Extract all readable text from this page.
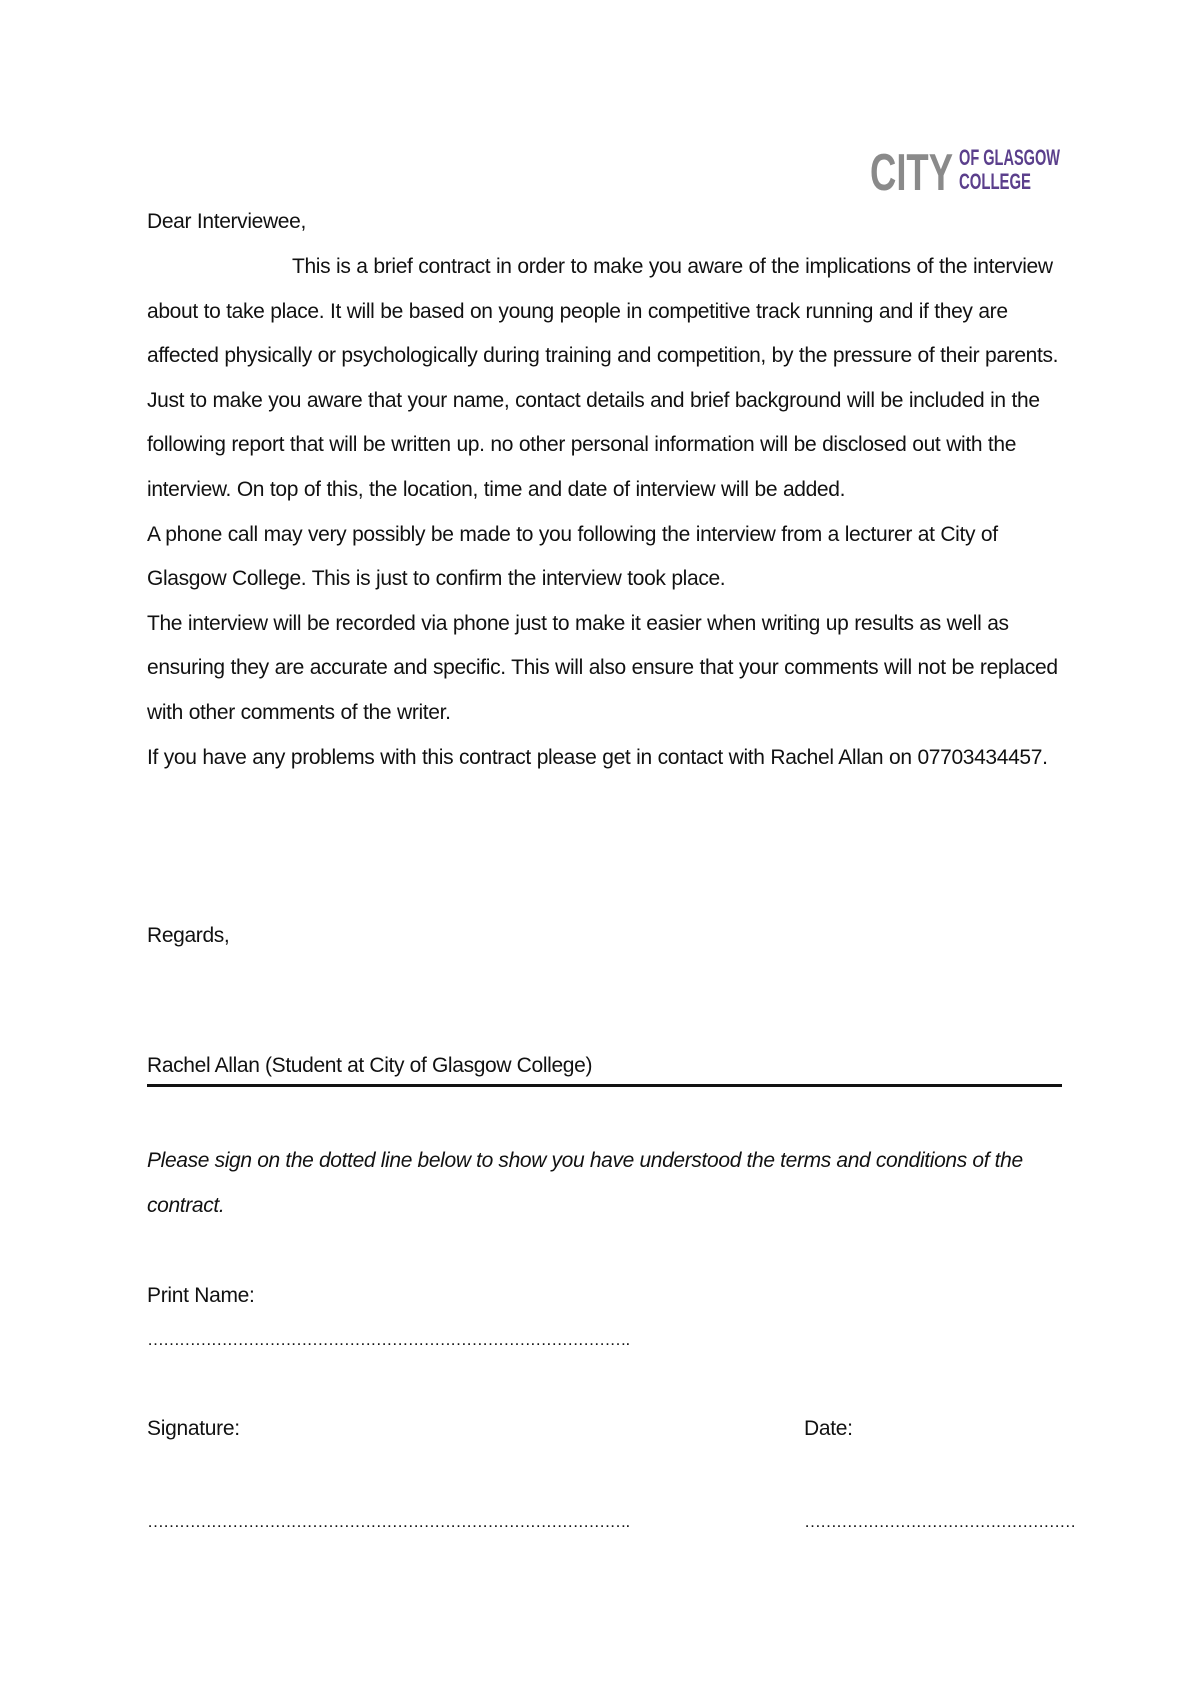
CITY OF GLASGOW
COLLEGE
Dear Interviewee,

This is a brief contract in order to make you aware of the implications of the interview about to take place. It will be based on young people in competitive track running and if they are affected physically or psychologically during training and competition, by the pressure of their parents.

Just to make you aware that your name, contact details and brief background will be included in the following report that will be written up. no other personal information will be disclosed out with the interview. On top of this, the location, time and date of interview will be added.

A phone call may very possibly be made to you following the interview from a lecturer at City of Glasgow College. This is just to confirm the interview took place.

The interview will be recorded via phone just to make it easier when writing up results as well as ensuring they are accurate and specific. This will also ensure that your comments will not be replaced with other comments of the writer.

If you have any problems with this contract please get in contact with Rachel Allan on 07703434457.

Regards,
Rachel Allan (Student at City of Glasgow College)
Please sign on the dotted line below to show you have understood the terms and conditions of the contract.
Print Name:
……………………………………………………………………………….
Signature:	Date:
……………………………………………………………………………….	……………………………………………
